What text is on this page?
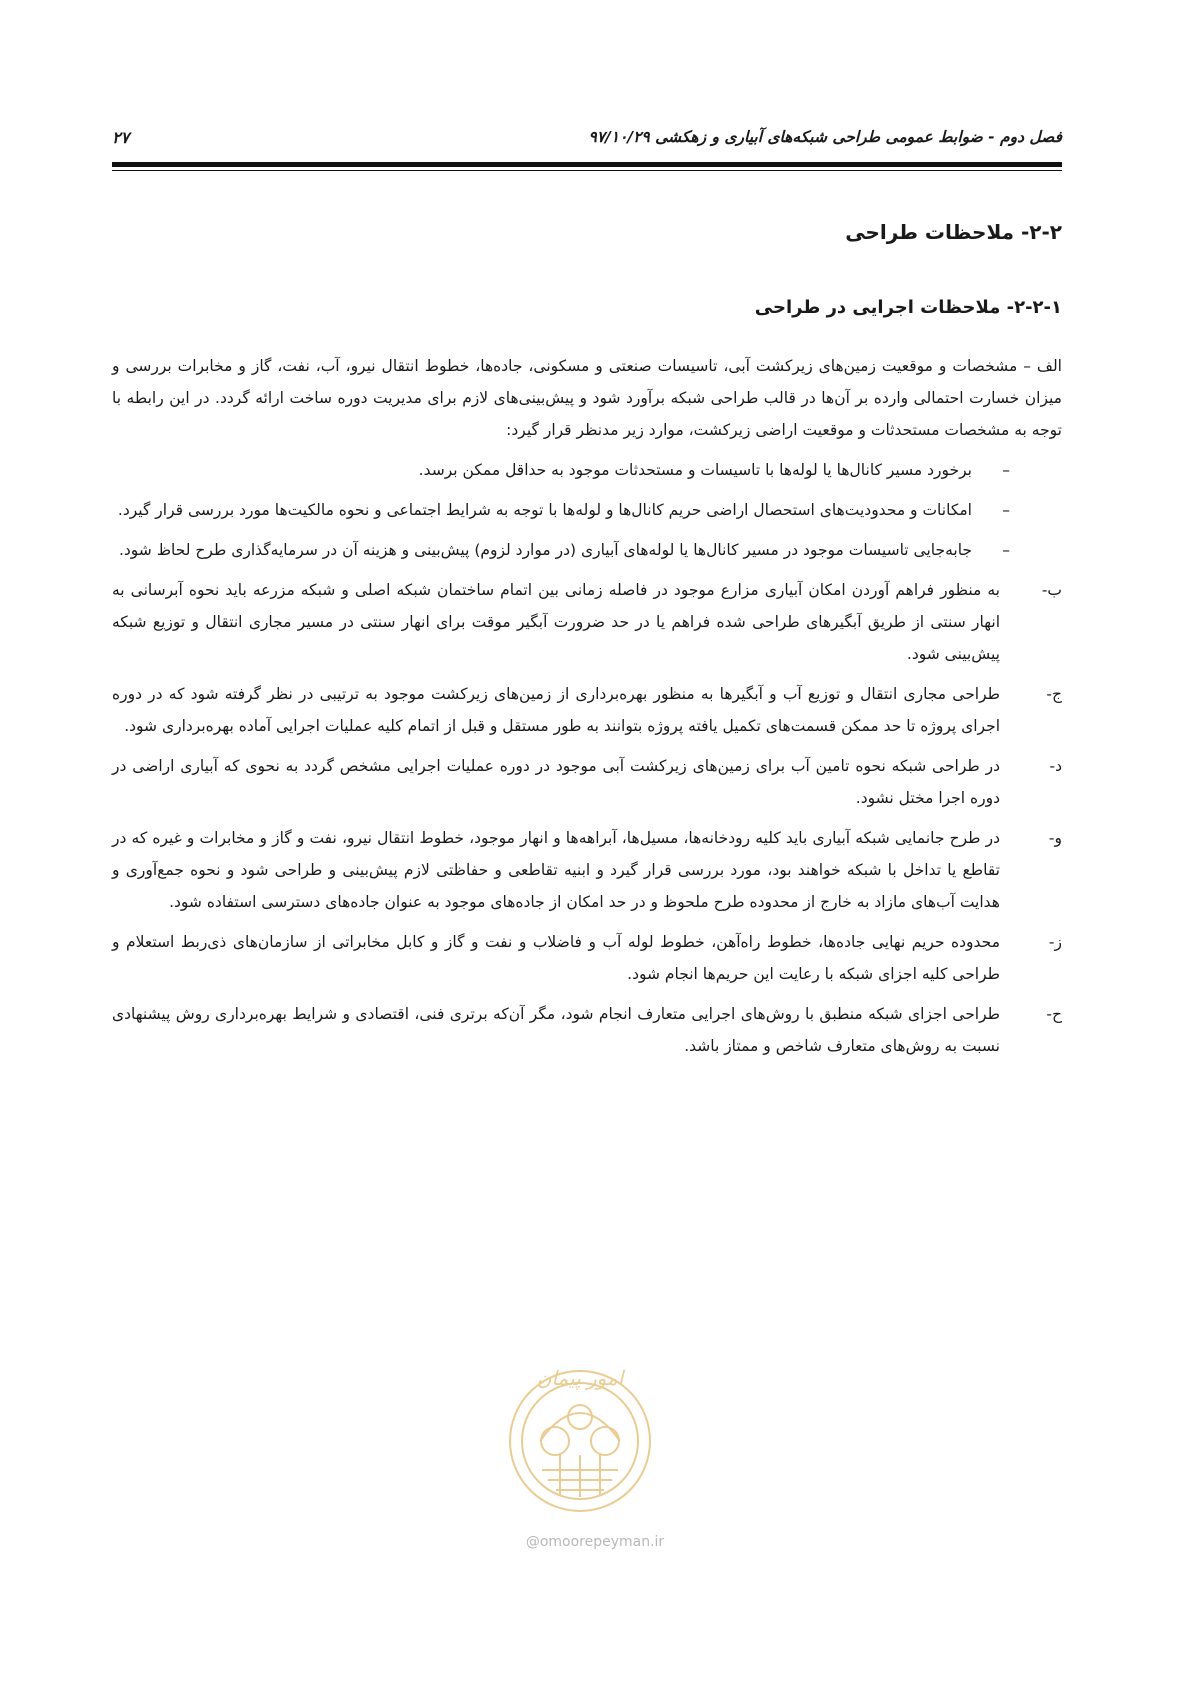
فصل دوم - ضوابط عمومی طراحی شبکه‌های آبیاری و زهکشی ۹۷/۱۰/۲۹
۲۷
۲-۲- ملاحظات طراحی
۲-۲-۱- ملاحظات اجرایی در طراحی
الف – مشخصات و موقعیت زمین‌های زیرکشت آبی، تاسیسات صنعتی و مسکونی، جاده‌ها، خطوط انتقال نیرو، آب، نفت، گاز و مخابرات بررسی و میزان خسارت احتمالی وارده بر آن‌ها در قالب طراحی شبکه برآورد شود و پیش‌بینی‌های لازم برای مدیریت دوره ساخت ارائه گردد. در این رابطه با توجه به مشخصات مستحدثات و موقعیت اراضی زیرکشت، موارد زیر مدنظر قرار گیرد:
–
برخورد مسیر کانال‌ها یا لوله‌ها با تاسیسات و مستحدثات موجود به حداقل ممکن برسد.
–
امکانات و محدودیت‌های استحصال اراضی حریم کانال‌ها و لوله‌ها با توجه به شرایط اجتماعی و نحوه مالکیت‌ها مورد بررسی قرار گیرد.
–
جابه‌جایی تاسیسات موجود در مسیر کانال‌ها یا لوله‌های آبیاری (در موارد لزوم) پیش‌بینی و هزینه آن در سرمایه‌گذاری طرح لحاظ شود.
ب-
به منظور فراهم آوردن امکان آبیاری مزارع موجود در فاصله زمانی بین اتمام ساختمان شبکه اصلی و شبکه مزرعه باید نحوه آبرسانی به انهار سنتی از طریق آبگیرهای طراحی شده فراهم یا در حد ضرورت آبگیر موقت برای انهار سنتی در مسیر مجاری انتقال و توزیع شبکه پیش‌بینی شود.
ج-
طراحی مجاری انتقال و توزیع آب و آبگیرها به منظور بهره‌برداری از زمین‌های زیرکشت موجود به ترتیبی در نظر گرفته شود که در دوره اجرای پروژه تا حد ممکن قسمت‌های تکمیل یافته پروژه بتوانند به طور مستقل و قبل از اتمام کلیه عملیات اجرایی آماده بهره‌برداری شود.
د-
در طراحی شبکه نحوه تامین آب برای زمین‌های زیرکشت آبی موجود در دوره عملیات اجرایی مشخص گردد به نحوی که آبیاری اراضی در دوره اجرا مختل نشود.
و-
در طرح جانمایی شبکه آبیاری باید کلیه رودخانه‌ها، مسیل‌ها، آبراهه‌ها و انهار موجود، خطوط انتقال نیرو، نفت و گاز و مخابرات و غیره که در تقاطع یا تداخل با شبکه خواهند بود، مورد بررسی قرار گیرد و ابنیه تقاطعی و حفاظتی لازم پیش‌بینی و طراحی شود و نحوه جمع‌آوری و هدایت آب‌های مازاد به خارج از محدوده طرح ملحوظ و در حد امکان از جاده‌های موجود به عنوان جاده‌های دسترسی استفاده شود.
ز-
محدوده حریم نهایی جاده‌ها، خطوط راه‌آهن، خطوط لوله آب و فاضلاب و نفت و گاز و کابل مخابراتی از سازمان‌های ذی‌ربط استعلام و طراحی کلیه اجزای شبکه با رعایت این حریم‌ها انجام شود.
ح-
طراحی اجزای شبکه منطبق با روش‌های اجرایی متعارف انجام شود، مگر آن‌که برتری فنی، اقتصادی و شرایط بهره‌برداری روش پیشنهادی نسبت به روش‌های متعارف شاخص و ممتاز باشد.
امور پیمان
@omoorepeyman.ir
